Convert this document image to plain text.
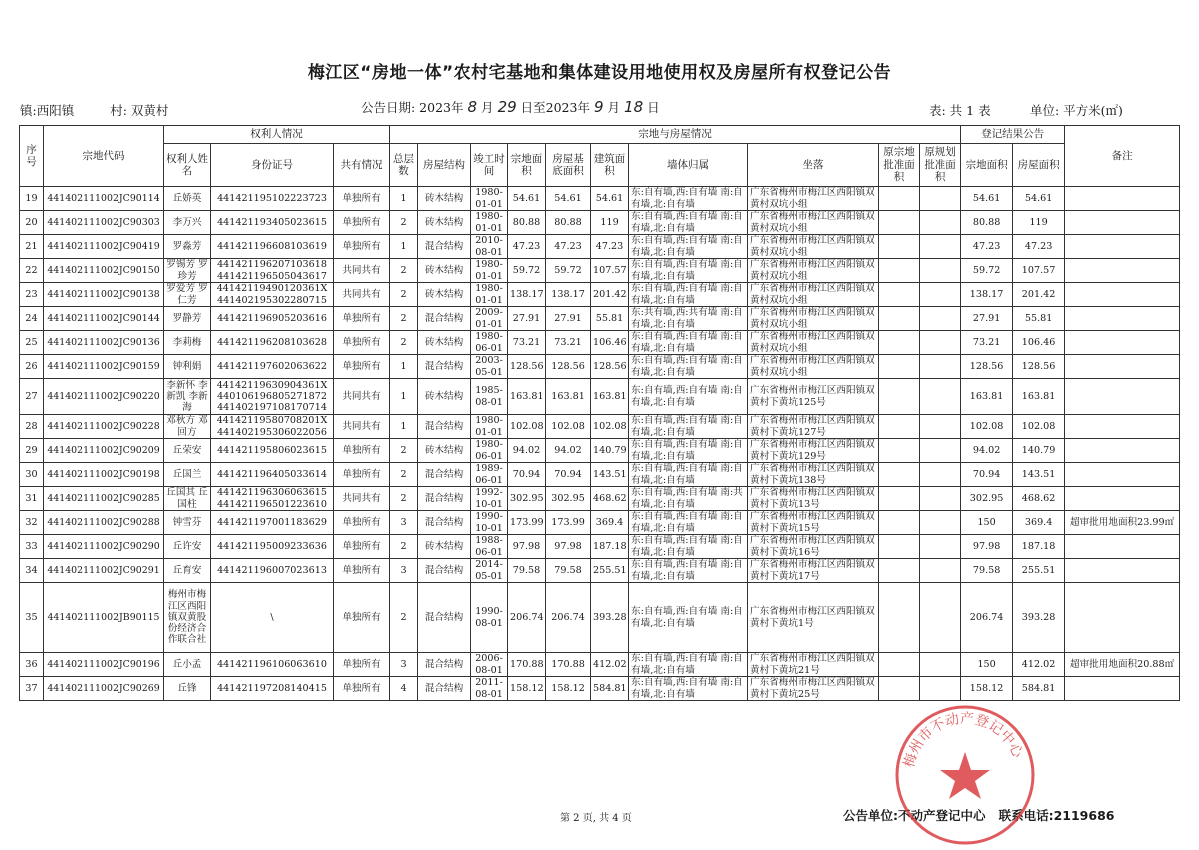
梅江区“房地一体”农村宅基地和集体建设用地使用权及房屋所有权登记公告
镇:西阳镇	村: 双黄村	公告日期: 2023年 8 月 29 日至2023年 9 月 18 日	表: 共 1 表	单位: 平方米(㎡)
序号	宗地代码	权利人情况			宗地与房屋情况										登记结果公告		备注
		权利人姓名	身份证号	共有情况	总层数	房屋结构	竣工时间	宗地面积	房屋基底面积	建筑面积	墙体归属	坐落	原宗地批准面积	原规划批准面积	宗地面积	房屋面积	
19	441402111002JC90114	丘娇英	441421195102223723	单独所有	1	砖木结构	1980-01-01	54.61	54.61	54.61	东:自有墙,西:自有墙 南:自有墙,北:自有墙	广东省梅州市梅江区西阳镇双黄村双坑小组			54.61	54.61	
20	441402111002JC90303	李万兴	441421193405023615	单独所有	2	砖木结构	1980-01-01	80.88	80.88	119	东:自有墙,西:自有墙 南:自有墙,北:自有墙	广东省梅州市梅江区西阳镇双黄村双坑小组			80.88	119	
21	441402111002JC90419	罗淼芳	441421196608103619	单独所有	1	混合结构	2010-08-01	47.23	47.23	47.23	东:自有墙,西:自有墙 南:自有墙,北:自有墙	广东省梅州市梅江区西阳镇双黄村双坑小组			47.23	47.23	
22	441402111002JC90150	罗锡芳 罗珍芳	441421196207103618 441421196505043617	共同共有	2	砖木结构	1980-01-01	59.72	59.72	107.57	东:自有墙,西:自有墙 南:自有墙,北:自有墙	广东省梅州市梅江区西阳镇双黄村双坑小组			59.72	107.57	
23	441402111002JC90138	罗爱芳 罗仁芳	44142119490120361X 441402195302280715	共同共有	2	砖木结构	1980-01-01	138.17	138.17	201.42	东:自有墙,西:自有墙 南:自有墙,北:自有墙	广东省梅州市梅江区西阳镇双黄村双坑小组			138.17	201.42	
24	441402111002JC90144	罗静芳	441421196905203616	单独所有	2	混合结构	2009-01-01	27.91	27.91	55.81	东:共有墙,西:共有墙 南:自有墙,北:自有墙	广东省梅州市梅江区西阳镇双黄村双坑小组			27.91	55.81	
25	441402111002JC90136	李莉梅	441421196208103628	单独所有	2	砖木结构	1980-06-01	73.21	73.21	106.46	东:自有墙,西:自有墙 南:自有墙,北:自有墙	广东省梅州市梅江区西阳镇双黄村双坑小组			73.21	106.46	
26	441402111002JC90159	钟利娟	441421197602063622	单独所有	1	混合结构	2003-05-01	128.56	128.56	128.56	东:自有墙,西:自有墙 南:自有墙,北:自有墙	广东省梅州市梅江区西阳镇双黄村双坑小组			128.56	128.56	
27	441402111002JC90220	李新怀 李新凯 李新海	44142119630904361X 440106196805271872 441402197108170714	共同共有	1	砖木结构	1985-08-01	163.81	163.81	163.81	东:自有墙,西:自有墙 南:自有墙,北:自有墙	广东省梅州市梅江区西阳镇双黄村下黄坑125号			163.81	163.81	
28	441402111002JC90228	邓秋方 邓回方	44142119580708201X 441402195306022056	共同共有	1	混合结构	1980-01-01	102.08	102.08	102.08	东:自有墙,西:自有墙 南:自有墙,北:自有墙	广东省梅州市梅江区西阳镇双黄村下黄坑127号			102.08	102.08	
29	441402111002JC90209	丘荣安	441421195806023615	单独所有	2	砖木结构	1980-06-01	94.02	94.02	140.79	东:自有墙,西:自有墙 南:自有墙,北:自有墙	广东省梅州市梅江区西阳镇双黄村下黄坑129号			94.02	140.79	
30	441402111002JC90198	丘国兰	441421196405033614	单独所有	2	混合结构	1989-06-01	70.94	70.94	143.51	东:自有墙,西:自有墙 南:自有墙,北:自有墙	广东省梅州市梅江区西阳镇双黄村下黄坑138号			70.94	143.51	
31	441402111002JC90285	丘国其 丘国柱	441421196306063615 441421196501223610	共同共有	2	混合结构	1992-10-01	302.95	302.95	468.62	东:自有墙,西:自有墙 南:共有墙,北:自有墙	广东省梅州市梅江区西阳镇双黄村下黄坑13号			302.95	468.62	
32	441402111002JC90288	钟雪芬	441421197001183629	单独所有	3	混合结构	1990-10-01	173.99	173.99	369.4	东:自有墙,西:自有墙 南:自有墙,北:自有墙	广东省梅州市梅江区西阳镇双黄村下黄坑15号			150	369.4	超审批用地面积23.99㎡
33	441402111002JC90290	丘许安	441421195009233636	单独所有	2	砖木结构	1988-06-01	97.98	97.98	187.18	东:自有墙,西:自有墙 南:自有墙,北:自有墙	广东省梅州市梅江区西阳镇双黄村下黄坑16号			97.98	187.18	
34	441402111002JC90291	丘育安	441421196007023613	单独所有	3	混合结构	2014-05-01	79.58	79.58	255.51	东:自有墙,西:自有墙 南:自有墙,北:自有墙	广东省梅州市梅江区西阳镇双黄村下黄坑17号			79.58	255.51	
35	441402111002JB90115	梅州市梅江区西阳镇双黄股份经济合作联合社	\	单独所有	2	混合结构	1990-08-01	206.74	206.74	393.28	东:自有墙,西:自有墙 南:自有墙,北:自有墙	广东省梅州市梅江区西阳镇双黄村下黄坑1号			206.74	393.28	
36	441402111002JC90196	丘小孟	441421196106063610	单独所有	3	混合结构	2006-08-01	170.88	170.88	412.02	东:自有墙,西:自有墙 南:自有墙,北:自有墙	广东省梅州市梅江区西阳镇双黄村下黄坑21号			150	412.02	超审批用地面积20.88㎡
37	441402111002JC90269	丘锋	441421197208140415	单独所有	4	混合结构	2011-08-01	158.12	158.12	584.81	东:自有墙,西:自有墙 南:自有墙,北:自有墙	广东省梅州市梅江区西阳镇双黄村下黄坑25号			158.12	584.81	
第 2 页, 共 4 页	公告单位:不动产登记中心 联系电话:2119686
梅州市不动产登记中心
